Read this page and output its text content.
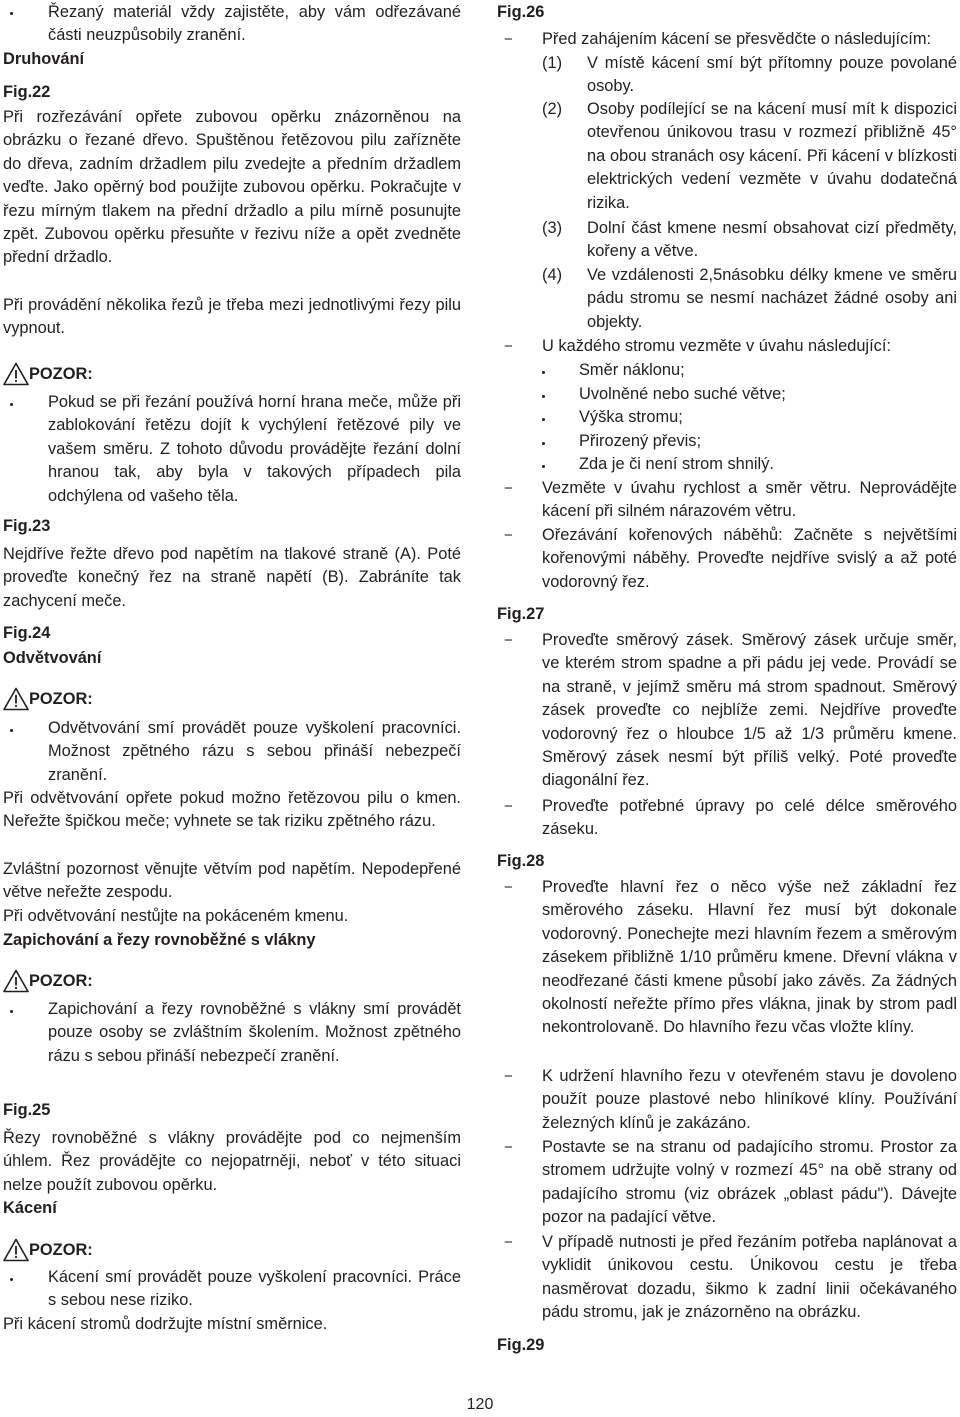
Řezaný materiál vždy zajistěte, aby vám odřezávané části neuzpůsobily zranění.
Druhování
Fig.22
Při rozřezávání opřete zubovou opěrku znázorněnou na obrázku o řezané dřevo. Spuštěnou řetězovou pilu zařízněte do dřeva, zadním držadlem pilu zvedejte a předním držadlem veďte. Jako opěrný bod použijte zubovou opěrku. Pokračujte v řezu mírným tlakem na přední držadlo a pilu mírně posunujte zpět. Zubovou opěrku přesuňte v řezivu níže a opět zvedněte přední držadlo.
Při provádění několika řezů je třeba mezi jednotlivými řezy pilu vypnout.
POZOR:
Pokud se při řezání používá horní hrana meče, může při zablokování řetězu dojít k vychýlení řetězové pily ve vašem směru. Z tohoto důvodu provádějte řezání dolní hranou tak, aby byla v takových případech pila odchýlena od vašeho těla.
Fig.23
Nejdříve řežte dřevo pod napětím na tlakové straně (A). Poté proveďte konečný řez na straně napětí (B). Zabráníte tak zachycení meče.
Fig.24
Odvětvování
POZOR:
Odvětvování smí provádět pouze vyškolení pracovníci. Možnost zpětného rázu s sebou přináší nebezpečí zranění.
Při odvětvování opřete pokud možno řetězovou pilu o kmen. Neřežte špičkou meče; vyhnete se tak riziku zpětného rázu.
Zvláštní pozornost věnujte větvím pod napětím. Nepodepřené větve neřežte zespodu.
Při odvětvování nestůjte na pokáceném kmenu.
Zapichování a řezy rovnoběžné s vlákny
POZOR:
Zapichování a řezy rovnoběžné s vlákny smí provádět pouze osoby se zvláštním školením. Možnost zpětného rázu s sebou přináší nebezpečí zranění.
Fig.25
Řezy rovnoběžné s vlákny provádějte pod co nejmenším úhlem. Řez provádějte co nejopatrněji, neboť v této situaci nelze použít zubovou opěrku.
Kácení
POZOR:
Kácení smí provádět pouze vyškolení pracovníci. Práce s sebou nese riziko.
Při kácení stromů dodržujte místní směrnice.
Fig.26
−	Před zahájením kácení se přesvědčte o následujícím:
(1)	V místě kácení smí být přítomny pouze povolané osoby.
(2)	Osoby podílející se na kácení musí mít k dispozici otevřenou únikovou trasu v rozmezí přibližně 45° na obou stranách osy kácení. Při kácení v blízkosti elektrických vedení vezměte v úvahu dodatečná rizika.
(3)	Dolní část kmene nesmí obsahovat cizí předměty, kořeny a větve.
(4)	Ve vzdálenosti 2,5násobku délky kmene ve směru pádu stromu se nesmí nacházet žádné osoby ani objekty.
−	U každého stromu vezměte v úvahu následující:
Směr náklonu;
Uvolněné nebo suché větve;
Výška stromu;
Přirozený převis;
Zda je či není strom shnilý.
−	Vezměte v úvahu rychlost a směr větru. Neprovádějte kácení při silném nárazovém větru.
−	Ořezávání kořenových náběhů: Začněte s největšími kořenovými náběhy. Proveďte nejdříve svislý a až poté vodorovný řez.
Fig.27
−	Proveďte směrový zásek. Směrový zásek určuje směr, ve kterém strom spadne a při pádu jej vede. Provádí se na straně, v jejímž směru má strom spadnout. Směrový zásek proveďte co nejblíže zemi. Nejdříve proveďte vodorovný řez o hloubce 1/5 až 1/3 průměru kmene. Směrový zásek nesmí být příliš velký. Poté proveďte diagonální řez.
−	Proveďte potřebné úpravy po celé délce směrového záseku.
Fig.28
−	Proveďte hlavní řez o něco výše než základní řez směrového záseku. Hlavní řez musí být dokonale vodorovný. Ponechejte mezi hlavním řezem a směrovým zásekem přibližně 1/10 průměru kmene. Dřevní vlákna v neodřezané části kmene působí jako závěs. Za žádných okolností neřežte přímo přes vlákna, jinak by strom padl nekontrolovaně. Do hlavního řezu včas vložte klíny.
−	K udržení hlavního řezu v otevřeném stavu je dovoleno použít pouze plastové nebo hliníkové klíny. Používání železných klínů je zakázáno.
−	Postavte se na stranu od padajícího stromu. Prostor za stromem udržujte volný v rozmezí 45° na obě strany od padajícího stromu (viz obrázek „oblast pádu"). Dávejte pozor na padající větve.
−	V případě nutnosti je před řezáním potřeba naplánovat a vyklidit únikovou cestu. Únikovou cestu je třeba nasměrovat dozadu, šikmo k zadní linii očekávaného pádu stromu, jak je znázorněno na obrázku.
Fig.29
120
